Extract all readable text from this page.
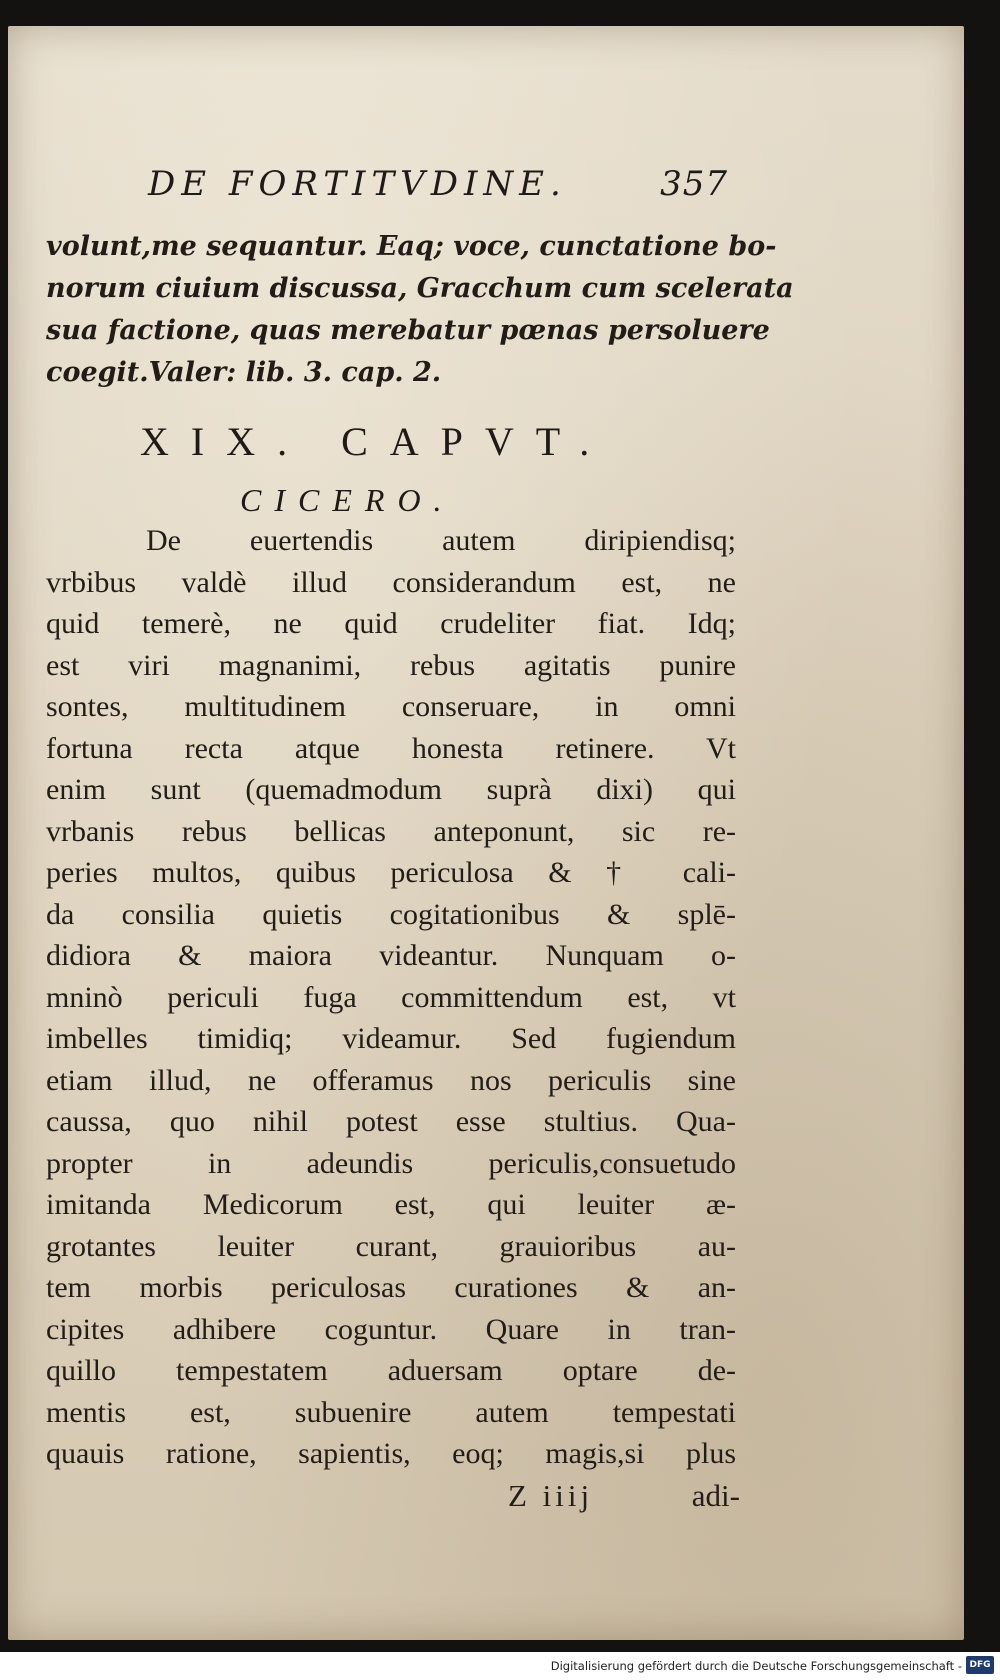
DE FORTITVDINE.	357
volunt,me sequantur. Eaq; voce, cunctatione bo-
norum ciuium discussa, Gracchum cum scelerata
sua factione, quas merebatur pœnas persoluere
coegit.Valer: lib. 3. cap. 2.
XIX. CAPVT.
CICERO.
De euertendis autem diripiendisq;
vrbibus valdè illud considerandum est, ne
quid temerè, ne quid crudeliter fiat. Idq;
est viri magnanimi, rebus agitatis punire
sontes, multitudinem conseruare, in omni
fortuna recta atque honesta retinere. Vt
enim sunt (quemadmodum suprà dixi) qui
vrbanis rebus bellicas anteponunt, sic re-
peries multos, quibus periculosa & † cali-
da consilia quietis cogitationibus & splē-
didiora & maiora videantur. Nunquam o-
mninò periculi fuga committendum est, vt
imbelles timidiq; videamur. Sed fugiendum
etiam illud, ne offeramus nos periculis sine
caussa, quo nihil potest esse stultius. Qua-
propter in adeundis periculis,consuetudo
imitanda Medicorum est, qui leuiter æ-
grotantes leuiter curant, grauioribus au-
tem morbis periculosas curationes & an-
cipites adhibere coguntur. Quare in tran-
quillo tempestatem aduersam optare de-
mentis est, subuenire autem tempestati
quauis ratione, sapientis, eoq; magis,si plus
Z iiij	adi-
Digitalisierung gefördert durch die Deutsche Forschungsgemeinschaft - DFG
